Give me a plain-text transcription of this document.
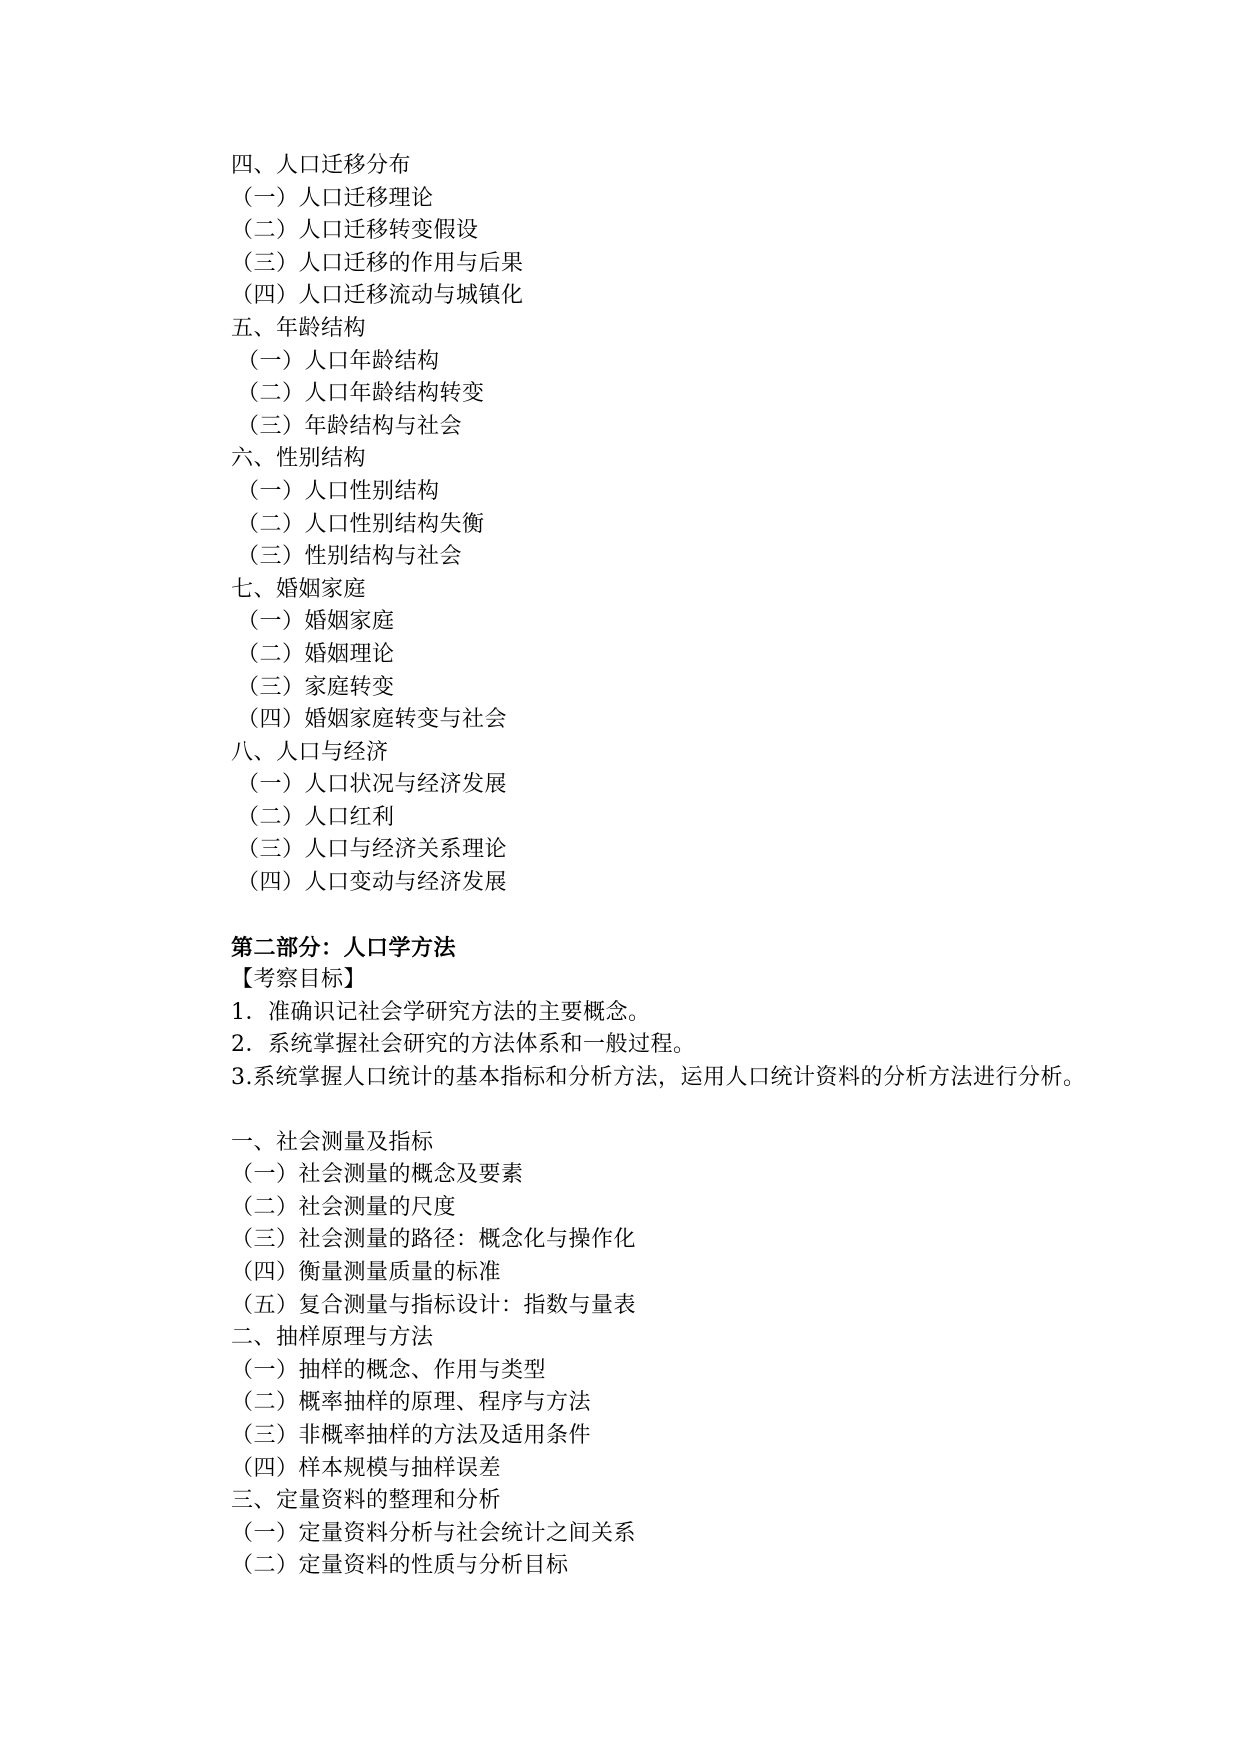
四、人口迁移分布
（一）人口迁移理论
（二）人口迁移转变假设
（三）人口迁移的作用与后果
（四）人口迁移流动与城镇化
五、年龄结构
（一）人口年龄结构
（二）人口年龄结构转变
（三）年龄结构与社会
六、性别结构
（一）人口性别结构
（二）人口性别结构失衡
（三）性别结构与社会
七、婚姻家庭
（一）婚姻家庭
（二）婚姻理论
（三）家庭转变
（四）婚姻家庭转变与社会
八、人口与经济
（一）人口状况与经济发展
（二）人口红利
（三）人口与经济关系理论
（四）人口变动与经济发展
第二部分：人口学方法
【考察目标】
1．准确识记社会学研究方法的主要概念。
2．系统掌握社会研究的方法体系和一般过程。
3.系统掌握人口统计的基本指标和分析方法，运用人口统计资料的分析方法进行分析。
一、社会测量及指标
（一）社会测量的概念及要素
（二）社会测量的尺度
（三）社会测量的路径：概念化与操作化
（四）衡量测量质量的标准
（五）复合测量与指标设计：指数与量表
二、抽样原理与方法
（一）抽样的概念、作用与类型
（二）概率抽样的原理、程序与方法
（三）非概率抽样的方法及适用条件
（四）样本规模与抽样误差
三、定量资料的整理和分析
（一）定量资料分析与社会统计之间关系
（二）定量资料的性质与分析目标
